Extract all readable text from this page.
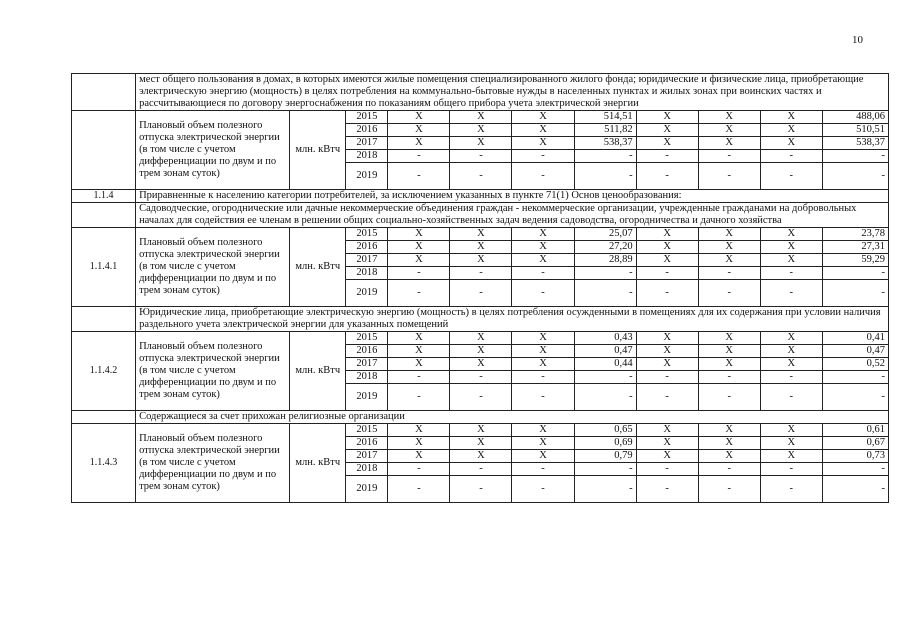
10
	мест общего пользования в домах, в которых имеются жилые помещения специализированного жилого фонда; юридические и физические лица, приобретающие электрическую энергию (мощность) в целях потребления на коммунально-бытовые нужды в населенных пунктах и жилых зонах при воинских частях и рассчитывающиеся по договору энергоснабжения по показаниям общего прибора учета электрической энергии										
	Плановый объем полезного отпуска электрической энергии (в том числе с учетом дифференциации по двум и по трем зонам суток)	млн. кВтч	2015	X	X	X	514,51	X	X	X	488,06
			2016	X	X	X	511,82	X	X	X	510,51
			2017	X	X	X	538,37	X	X	X	538,37
			2018	-	-	-	-	-	-	-	-
			2019	-	-	-	-	-	-	-	-
1.1.4	Приравненные к населению категории потребителей, за исключением указанных в пункте 71(1) Основ ценообразования:										
	Садоводческие, огороднические или дачные некоммерческие объединения граждан - некоммерческие организации, учрежденные гражданами на добровольных началах для содействия ее членам в решении общих социально-хозяйственных задач ведения садоводства, огородничества и дачного хозяйства										
1.1.4.1	Плановый объем полезного отпуска электрической энергии (в том числе с учетом дифференциации по двум и по трем зонам суток)	млн. кВтч	2015	X	X	X	25,07	X	X	X	23,78
			2016	X	X	X	27,20	X	X	X	27,31
			2017	X	X	X	28,89	X	X	X	59,29
			2018	-	-	-	-	-	-	-	-
			2019	-	-	-	-	-	-	-	-
	Юридические лица, приобретающие электрическую энергию (мощность) в целях потребления осужденными в помещениях для их содержания при условии наличия раздельного учета электрической энергии для указанных помещений										
1.1.4.2	Плановый объем полезного отпуска электрической энергии (в том числе с учетом дифференциации по двум и по трем зонам суток)	млн. кВтч	2015	X	X	X	0,43	X	X	X	0,41
			2016	X	X	X	0,47	X	X	X	0,47
			2017	X	X	X	0,44	X	X	X	0,52
			2018	-	-	-	-	-	-	-	-
			2019	-	-	-	-	-	-	-	-
	Содержащиеся за счет прихожан религиозные организации										
1.1.4.3	Плановый объем полезного отпуска электрической энергии (в том числе с учетом дифференциации по двум и по трем зонам суток)	млн. кВтч	2015	X	X	X	0,65	X	X	X	0,61
			2016	X	X	X	0,69	X	X	X	0,67
			2017	X	X	X	0,79	X	X	X	0,73
			2018	-	-	-	-	-	-	-	-
			2019	-	-	-	-	-	-	-	-
